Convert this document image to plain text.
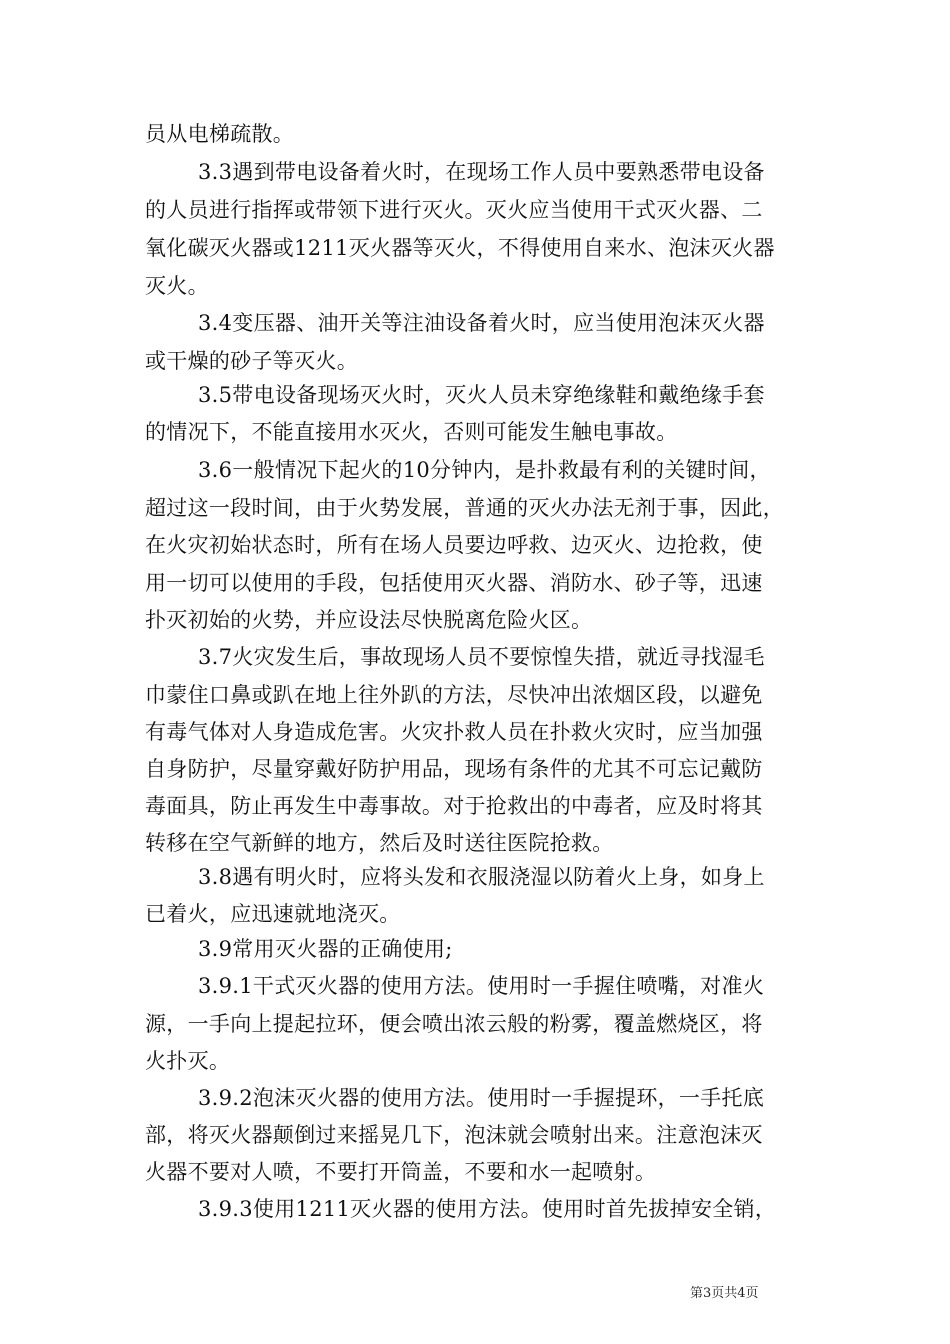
员从电梯疏散。
3.3遇到带电设备着火时，在现场工作人员中要熟悉带电设备
的人员进行指挥或带领下进行灭火。灭火应当使用干式灭火器、二
氧化碳灭火器或1211灭火器等灭火，不得使用自来水、泡沫灭火器
灭火。
3.4变压器、油开关等注油设备着火时，应当使用泡沫灭火器
或干燥的砂子等灭火。
3.5带电设备现场灭火时，灭火人员未穿绝缘鞋和戴绝缘手套
的情况下，不能直接用水灭火，否则可能发生触电事故。
3.6一般情况下起火的10分钟内，是扑救最有利的关键时间，
超过这一段时间，由于火势发展，普通的灭火办法无剂于事，因此，
在火灾初始状态时，所有在场人员要边呼救、边灭火、边抢救，使
用一切可以使用的手段，包括使用灭火器、消防水、砂子等，迅速
扑灭初始的火势，并应设法尽快脱离危险火区。
3.7火灾发生后，事故现场人员不要惊惶失措，就近寻找湿毛
巾蒙住口鼻或趴在地上往外趴的方法，尽快冲出浓烟区段，以避免
有毒气体对人身造成危害。火灾扑救人员在扑救火灾时，应当加强
自身防护，尽量穿戴好防护用品，现场有条件的尤其不可忘记戴防
毒面具，防止再发生中毒事故。对于抢救出的中毒者，应及时将其
转移在空气新鲜的地方，然后及时送往医院抢救。
3.8遇有明火时，应将头发和衣服浇湿以防着火上身，如身上
已着火，应迅速就地浇灭。
3.9常用灭火器的正确使用;
3.9.1干式灭火器的使用方法。使用时一手握住喷嘴，对准火
源，一手向上提起拉环，便会喷出浓云般的粉雾，覆盖燃烧区，将
火扑灭。
3.9.2泡沫灭火器的使用方法。使用时一手握提环，一手托底
部，将灭火器颠倒过来摇晃几下，泡沫就会喷射出来。注意泡沫灭
火器不要对人喷，不要打开筒盖，不要和水一起喷射。
3.9.3使用1211灭火器的使用方法。使用时首先拔掉安全销，
第3页共4页
